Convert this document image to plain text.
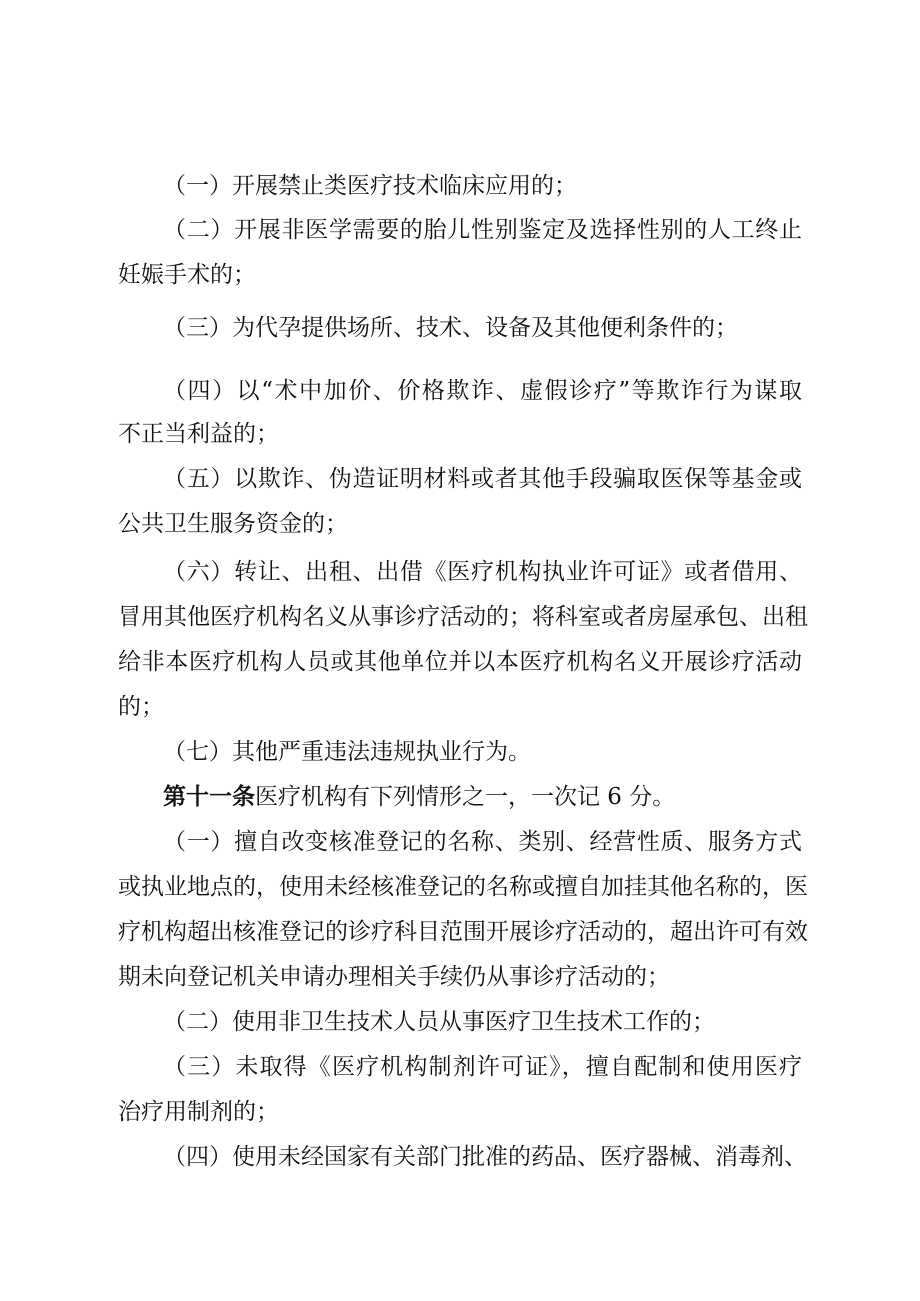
（一）开展禁止类医疗技术临床应用的；
（二）开展非医学需要的胎儿性别鉴定及选择性别的人工终止
妊娠手术的；
（三）为代孕提供场所、技术、设备及其他便利条件的；
（四）以“术中加价、价格欺诈、虚假诊疗”等欺诈行为谋取
不正当利益的；
（五）以欺诈、伪造证明材料或者其他手段骗取医保等基金或
公共卫生服务资金的；
（六）转让、出租、出借《医疗机构执业许可证》或者借用、
冒用其他医疗机构名义从事诊疗活动的；将科室或者房屋承包、出租
给非本医疗机构人员或其他单位并以本医疗机构名义开展诊疗活动
的；
（七）其他严重违法违规执业行为。
第十一条医疗机构有下列情形之一，一次记 6 分。
（一）擅自改变核准登记的名称、类别、经营性质、服务方式
或执业地点的，使用未经核准登记的名称或擅自加挂其他名称的，医
疗机构超出核准登记的诊疗科目范围开展诊疗活动的，超出许可有效
期未向登记机关申请办理相关手续仍从事诊疗活动的；
（二）使用非卫生技术人员从事医疗卫生技术工作的；
（三）未取得《医疗机构制剂许可证》，擅自配制和使用医疗
治疗用制剂的；
（四）使用未经国家有关部门批准的药品、医疗器械、消毒剂、
